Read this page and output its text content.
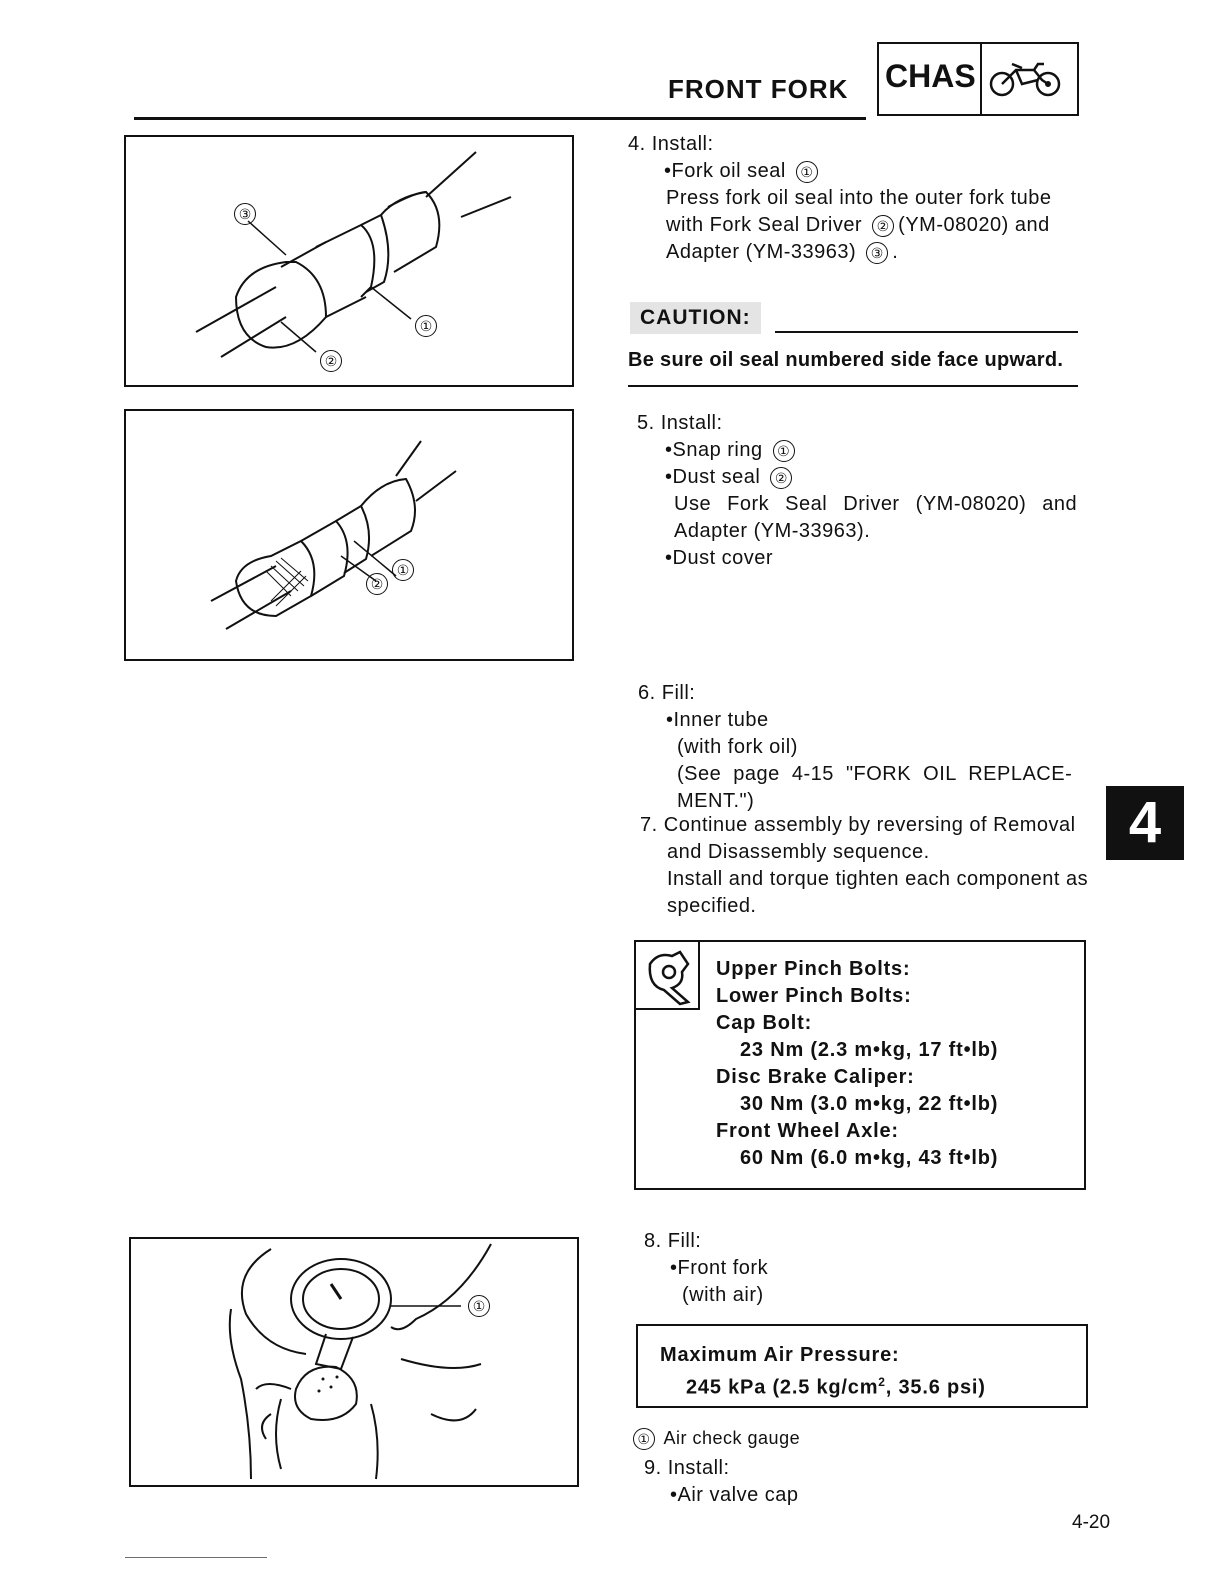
FRONT FORK CHAS
③
①
②
②
①
①
4. Install:
•Fork oil seal ①
Press fork oil seal into the outer fork tube
with Fork Seal Driver ② (YM-08020) and
Adapter (YM-33963) ③ .
CAUTION:
Be sure oil seal numbered side face upward.
5. Install:
•Snap ring ①
•Dust seal ②
Use Fork Seal Driver (YM-08020) and
Adapter (YM-33963).
•Dust cover
6. Fill:
•Inner tube
(with fork oil)
(See page 4-15 "FORK OIL REPLACE-
MENT.")
7. Continue assembly by reversing of Removal
and Disassembly sequence.
Install and torque tighten each component as
specified.
4
Upper Pinch Bolts:
Lower Pinch Bolts:
Cap Bolt:
23 Nm (2.3 m•kg, 17 ft•lb)
Disc Brake Caliper:
30 Nm (3.0 m•kg, 22 ft•lb)
Front Wheel Axle:
60 Nm (6.0 m•kg, 43 ft•lb)
8. Fill:
•Front fork
(with air)
Maximum Air Pressure:
245 kPa (2.5 $kg/cm^2$, 35.6 psi)
① Air check gauge
9. Install:
•Air valve cap
4-20
